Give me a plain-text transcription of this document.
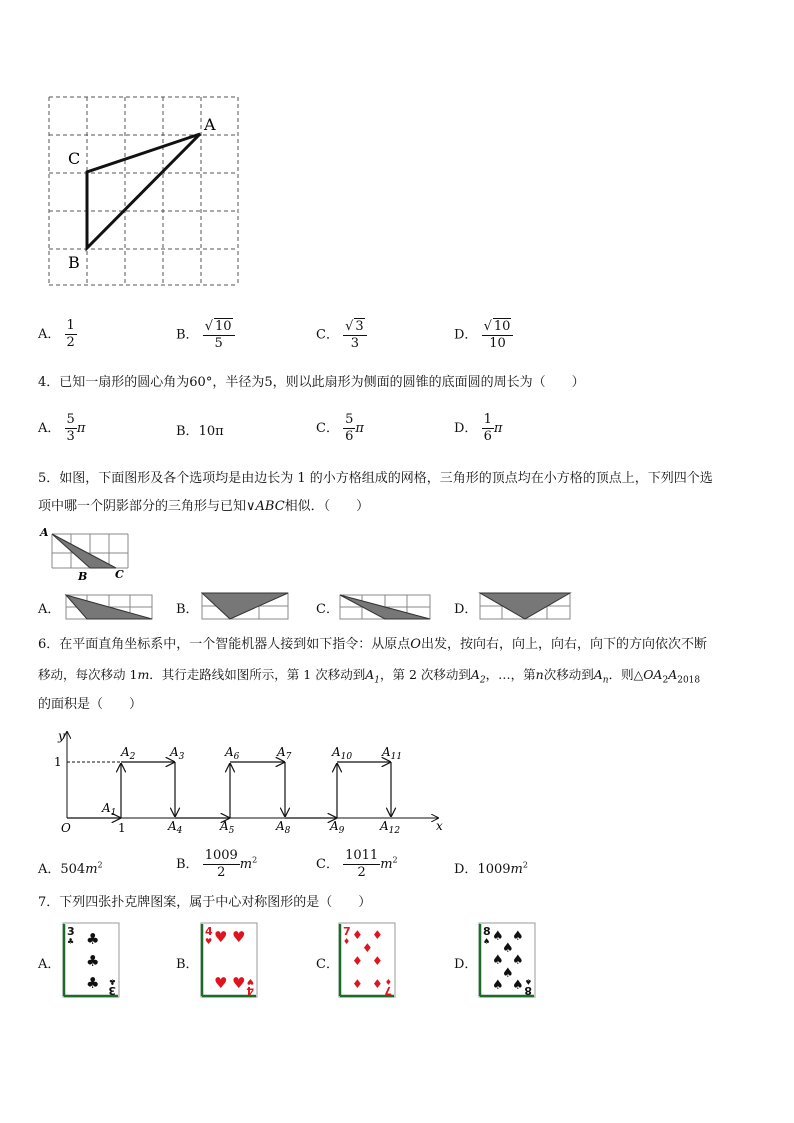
A
C
B
A． $\frac{1}{2}$	B． $\frac{√ 10}{5}$	C． $\frac{√ 3}{3}$	D． $\frac{√ 10}{10}$
4．已知一扇形的圆心角为60°，半径为5，则以此扇形为侧面的圆锥的底面圆的周长为（　　）
A． $\frac{5}{3}$ π	B．10π	C． $\frac{5}{6}$ π	D． $\frac{1}{6}$ π
5．如图，下面图形及各个选项均是由边长为 1 的小方格组成的网格，三角形的顶点均在小方格的顶点上，下列四个选
项中哪一个阴影部分的三角形与已知∨ABC相似．（　　）
A
B	C
A．	B．	C．	D．
6．在平面直角坐标系中，一个智能机器人接到如下指令：从原点O出发，按向右，向上，向右，向下的方向依次不断
移动，每次移动 1m．其行走路线如图所示，第 1 次移动到$A_1$，第 2 次移动到$A_2$，…，第n次移动到$A_n$．则$\triangle OA_2A_{2018}$
的面积是（　　）
y
x
O
1
1
$A_1$
$A_2$	$A_3$
$A_4$	$A_5$
$A_6$	$A_7$
$A_8$	$A_9$
$A_{10}$ $A_{11}$
$A_{12}$
A．$504m^2$	B． $\frac{1009}{2} m^2$	C． $\frac{1011}{2} m^2$
D．$1009m^2$
7．下列四张扑克牌图案，属于中心对称图形的是（　　）
A．
3
♣ ♣
♣
♣ 3
♣
B．
4
♥ ♥ ♥
♥ ♥ 4
♥
C．
7
♦ ♦ ♦
♦
♦ ♦
♦ ♦ 7
♦
D．
8
♠ ♠ ♠
♠
♠ ♠
♠
♠ ♠ 8
♠
